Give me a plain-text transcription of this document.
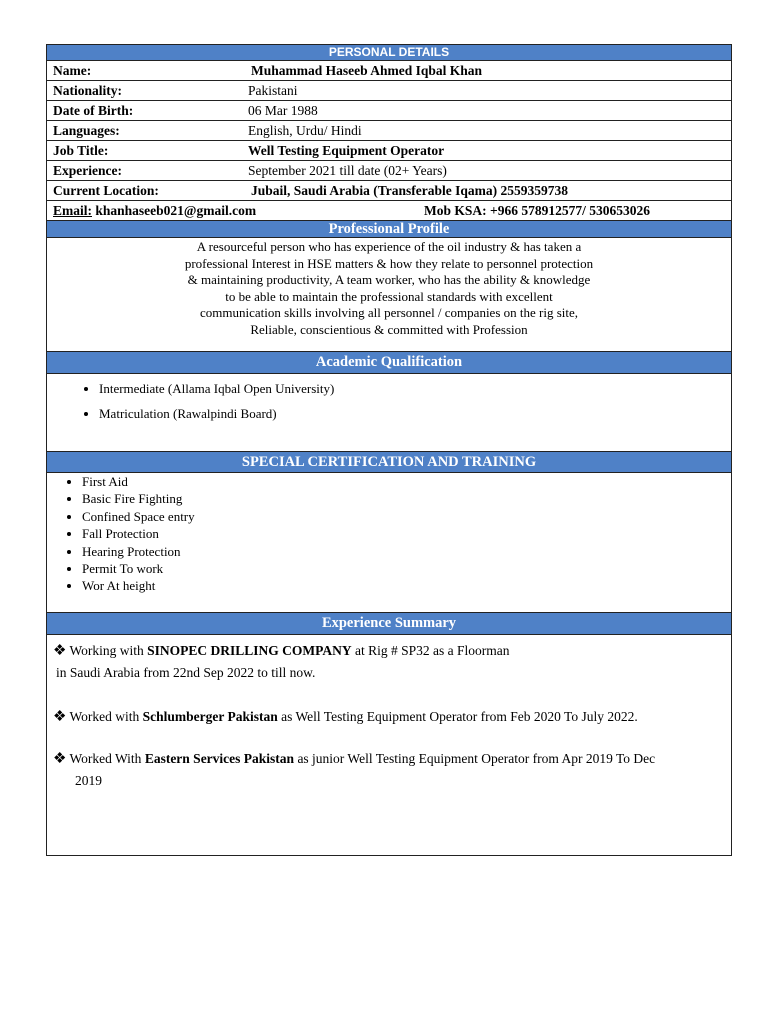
PERSONAL DETAILS
Name:	Muhammad Haseeb Ahmed Iqbal Khan
Nationality:	Pakistani
Date of Birth:	06 Mar 1988
Languages:	English, Urdu/ Hindi
Job Title:	Well Testing Equipment Operator
Experience:	September 2021 till date (02+ Years)
Current Location:	Jubail, Saudi Arabia (Transferable Iqama) 2559359738
Email: khanhaseeb021@gmail.com	Mob KSA: +966 578912577/ 530653026
Professional Profile
A resourceful person who has experience of the oil industry & has taken a
professional Interest in HSE matters & how they relate to personnel protection
& maintaining productivity, A team worker, who has the ability & knowledge
to be able to maintain the professional standards with excellent
communication skills involving all personnel / companies on the rig site,
Reliable, conscientious & committed with Profession
Academic Qualification
• Intermediate (Allama Iqbal Open University)
• Matriculation (Rawalpindi Board)
SPECIAL CERTIFICATION AND TRAINING
• First Aid
• Basic Fire Fighting
• Confined Space entry
• Fall Protection
• Hearing Protection
• Permit To work
• Wor At height
Experience Summary

❖ Working with SINOPEC DRILLING COMPANY at Rig # SP32 as a Floorman
in Saudi Arabia from 22nd Sep 2022 to till now.

❖ Worked with Schlumberger Pakistan as Well Testing Equipment Operator from Feb 2020 To July 2022.

❖ Worked With Eastern Services Pakistan as junior Well Testing Equipment Operator from Apr 2019 To Dec
2019
